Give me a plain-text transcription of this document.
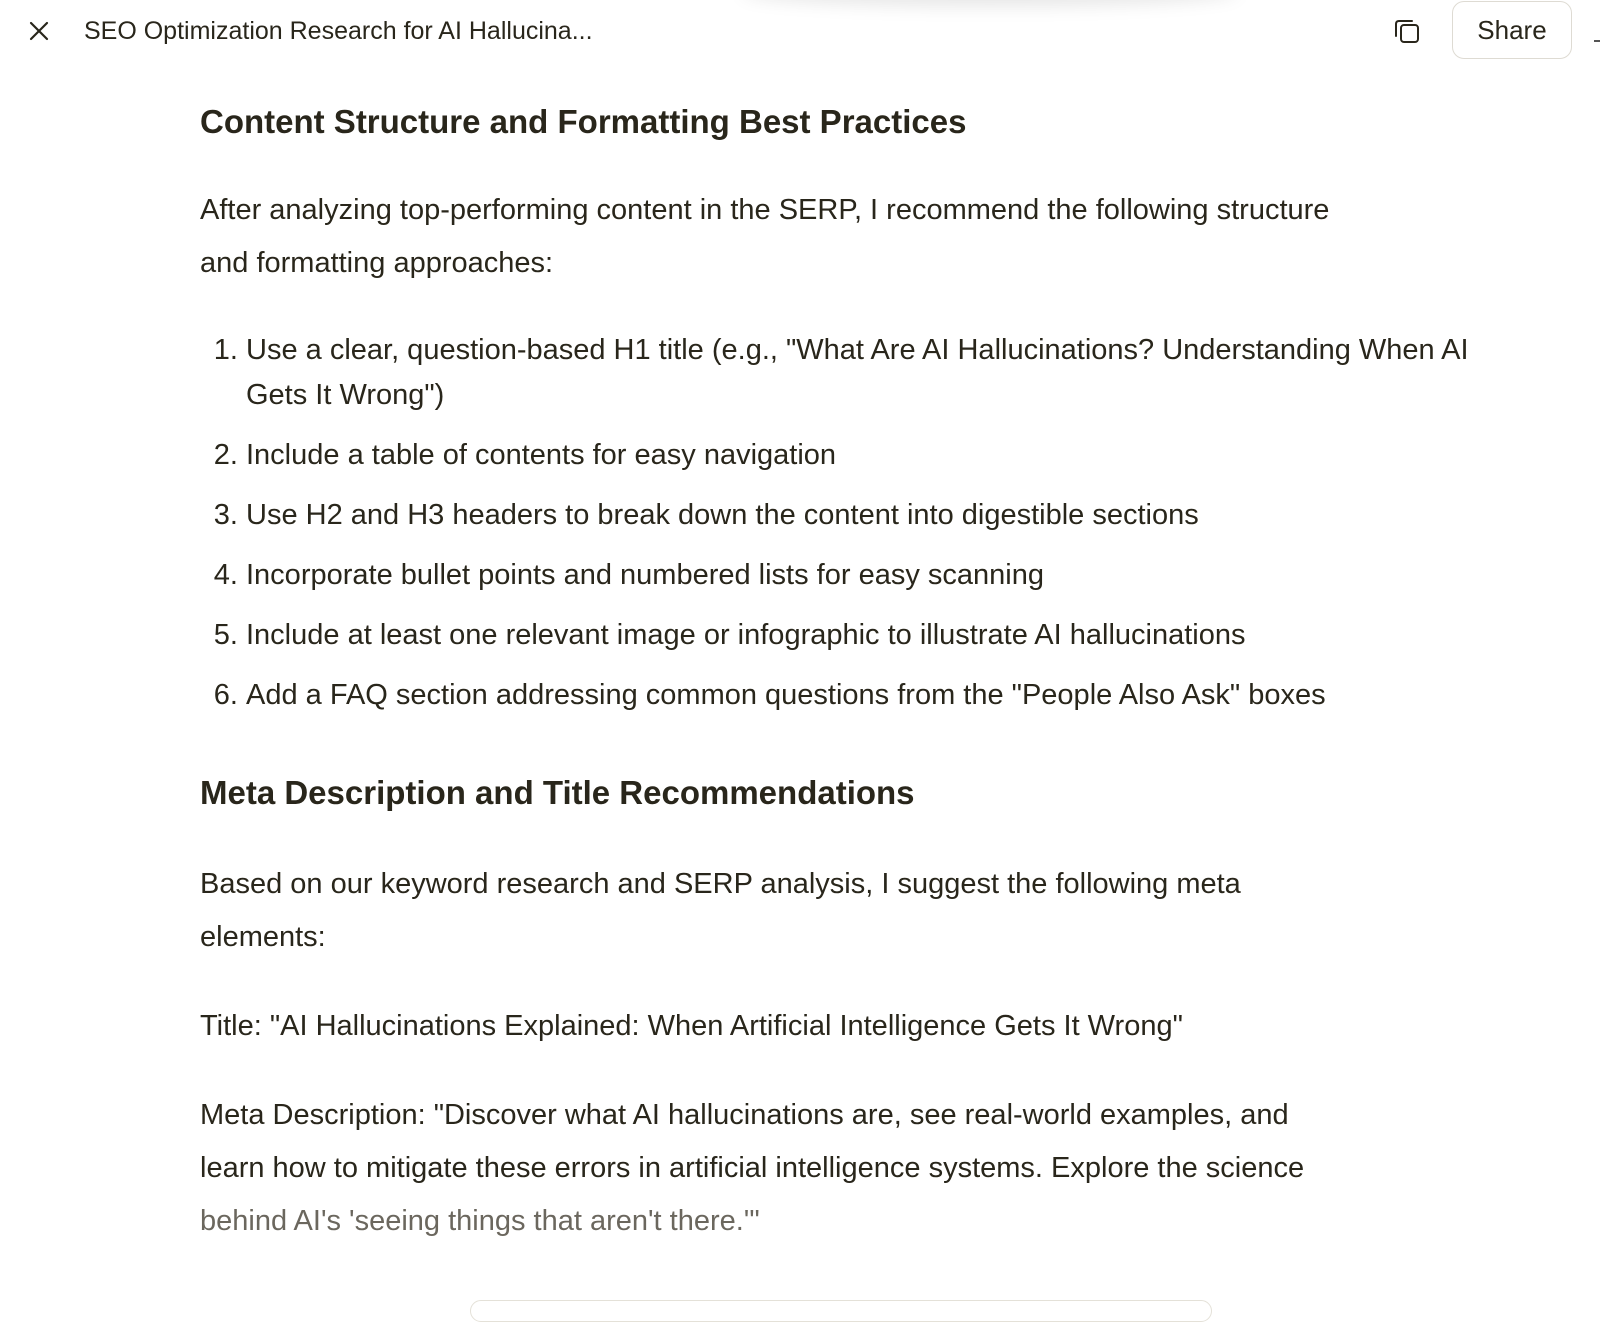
SEO Optimization Research for AI Hallucina...	Share
Content Structure and Formatting Best Practices

After analyzing top-performing content in the SERP, I recommend the following structure
and formatting approaches:

1. Use a clear, question-based H1 title (e.g., "What Are AI Hallucinations? Understanding When AI Gets It Wrong")
2. Include a table of contents for easy navigation
3. Use H2 and H3 headers to break down the content into digestible sections
4. Incorporate bullet points and numbered lists for easy scanning
5. Include at least one relevant image or infographic to illustrate AI hallucinations
6. Add a FAQ section addressing common questions from the "People Also Ask" boxes
Meta Description and Title Recommendations

Based on our keyword research and SERP analysis, I suggest the following meta
elements:

Title: "AI Hallucinations Explained: When Artificial Intelligence Gets It Wrong"

Meta Description: "Discover what AI hallucinations are, see real-world examples, and
learn how to mitigate these errors in artificial intelligence systems. Explore the science
behind AI's 'seeing things that aren't there.'"
